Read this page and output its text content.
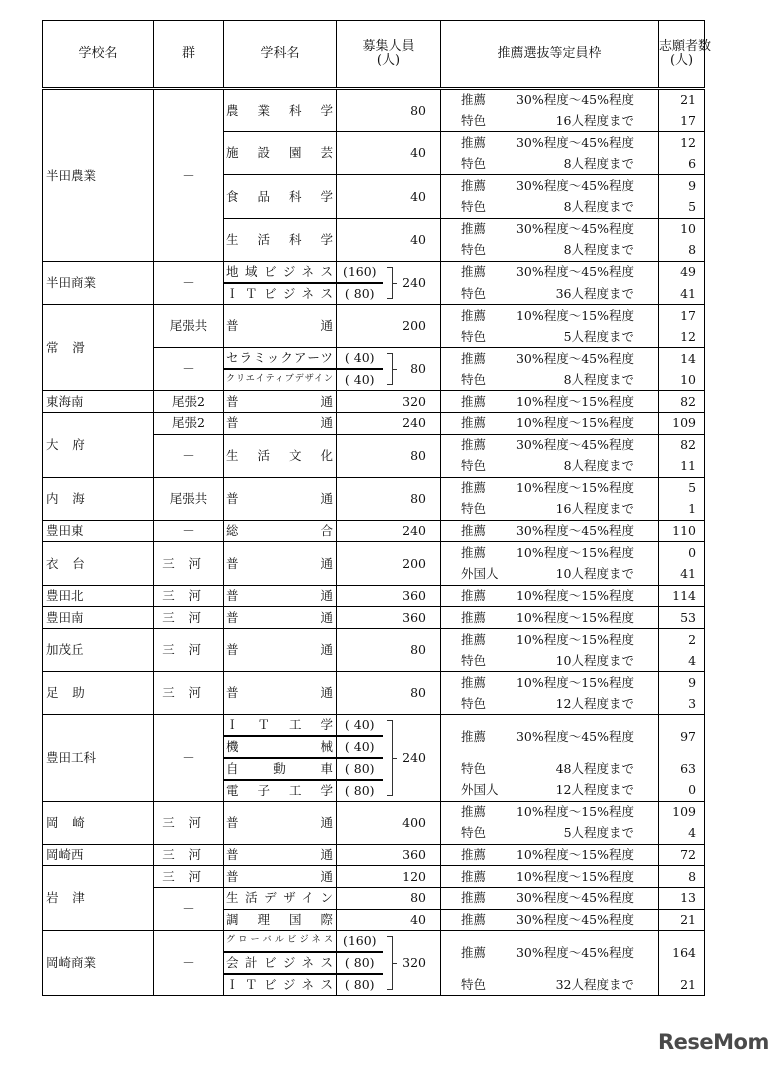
学校名	群	学科名	募集人員
(人)		推薦選抜等定員枠	志願者数
(人)

半田農業	－	農業科学	80		推薦 30%程度～45%程度	21

					特色 16人程度まで	17

		施設園芸	40		推薦 30%程度～45%程度	12

					特色 8人程度まで	6

		食品科学	40		推薦 30%程度～45%程度	9

					特色 8人程度まで	5

		生活科学	40		推薦 30%程度～45%程度	10

					特色 8人程度まで	8
半田商業	－	地域ビジネス	(160)	240	推薦 30%程度～45%程度	49

		ＩＴビジネス	( 80)		特色 36人程度まで	41
常滑	尾張共	普通	200		推薦 10%程度～15%程度	17

					特色 5人程度まで	12
	－	セラミックアーツ	( 40)	80	推薦 30%程度～45%程度	14

		クリエイティブデザイン	( 40)		特色 8人程度まで	10
東海南	尾張2	普通	320		推薦 10%程度～15%程度	82
大府	尾張2	普通	240		推薦 10%程度～15%程度	109
	－	生活文化	80		推薦 30%程度～45%程度	82

					特色 8人程度まで	11
内海	尾張共	普通	80		推薦 10%程度～15%程度	5

					特色 16人程度まで	1
豊田東	－	総合	240		推薦 30%程度～45%程度	110
衣台	三河	普通	200		推薦 10%程度～15%程度	0

					外国人 10人程度まで	41
豊田北	三河	普通	360		推薦 10%程度～15%程度	114
豊田南	三河	普通	360		推薦 10%程度～15%程度	53
加茂丘	三河	普通	80		推薦 10%程度～15%程度	2

					特色 10人程度まで	4
足助	三河	普通	80		推薦 10%程度～15%程度	9

					特色 12人程度まで	3
豊田工科	－	ＩＴ工学	( 40)	240	推薦 30%程度～45%程度	97

		機械	( 40)			

		自動車	( 80)		特色 48人程度まで	63

		電子工学	( 80)		外国人 12人程度まで	0
岡崎	三河	普通	400		推薦 10%程度～15%程度	109

					特色 5人程度まで	4
岡崎西	三河	普通	360		推薦 10%程度～15%程度	72
岩津	三河	普通	120		推薦 10%程度～15%程度	8
	－	生活デザイン	80		推薦 30%程度～45%程度	13

		調理国際	40		推薦 30%程度～45%程度	21
岡崎商業	－	グローバルビジネス	(160)	320	推薦 30%程度～45%程度	164

		会計ビジネス	( 80)			

		ＩＴビジネス	( 80)		特色 32人程度まで	21
ReseMom
